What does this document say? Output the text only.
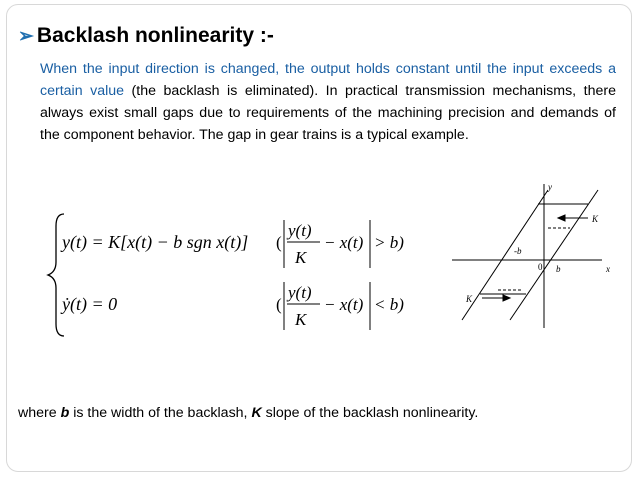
➢ Backlash nonlinearity :-
When the input direction is changed, the output holds constant until the input exceeds a certain value (the backlash is eliminated). In practical transmission mechanisms, there always exist small gaps due to requirements of the machining precision and demands of the component behavior. The gap in gear trains is a typical example.
y(t) = K[x(t) − b sgn x(t)]
ẏ(t) = 0
(
y(t)
K
− x(t) > b)
(
y(t)
K
− x(t) < b)
y
x
0
-b
b
K
K
where b is the width of the backlash, K slope of the backlash nonlinearity.
